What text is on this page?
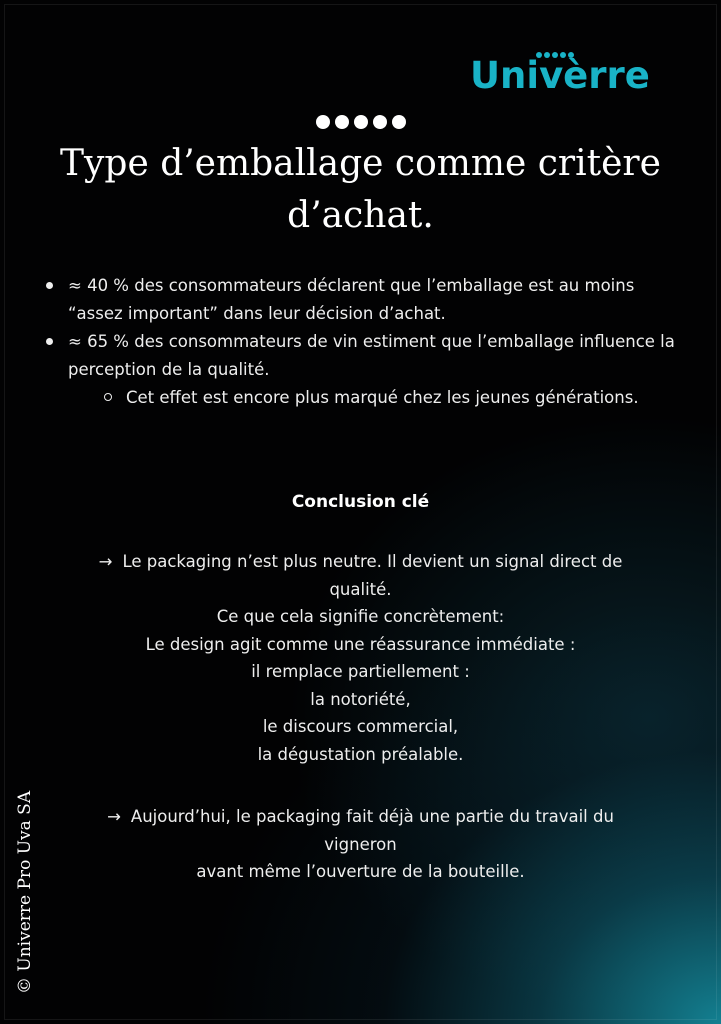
Univèrre
Type d’emballage comme critère d’achat.
≈ 40 % des consommateurs déclarent que l’emballage est au moins “assez important” dans leur décision d’achat.
≈ 65 % des consommateurs de vin estiment que l’emballage influence la perception de la qualité.
Cet effet est encore plus marqué chez les jeunes générations.
Conclusion clé
→ Le packaging n’est plus neutre. Il devient un signal direct de qualité.
Ce que cela signifie concrètement:
Le design agit comme une réassurance immédiate :
il remplace partiellement :
la notoriété,
le discours commercial,
la dégustation préalable.
→ Aujourd’hui, le packaging fait déjà une partie du travail du vigneron
avant même l’ouverture de la bouteille.
© Univerre Pro Uva SA
